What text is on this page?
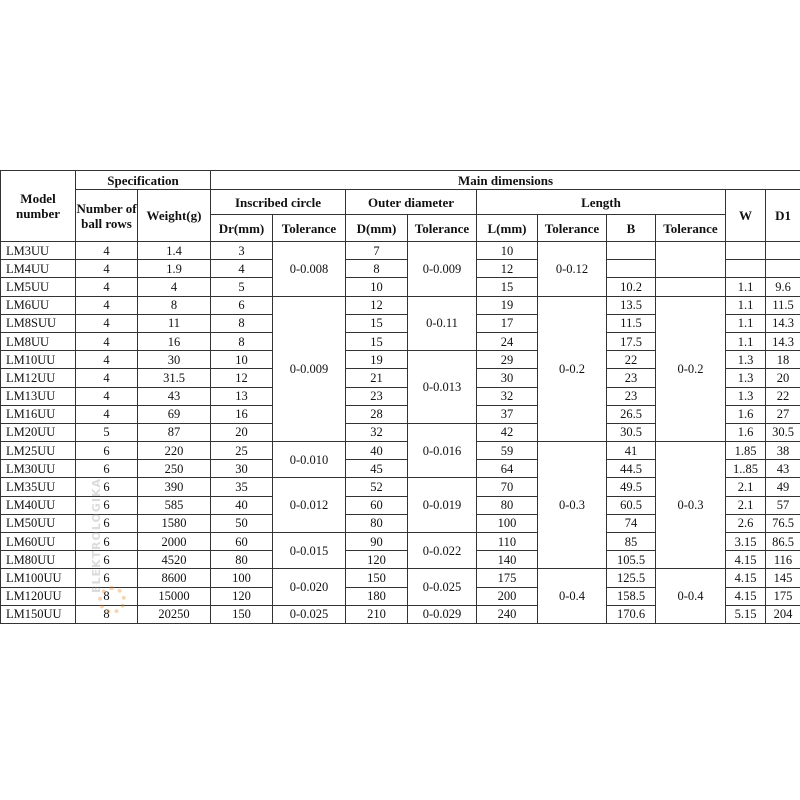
Model number	Specification		Main dimensions									
	Number of ball rows	Weight(g)	Inscribed circle		Outer diameter		Length				W	D1
			Dr(mm)	Tolerance	D(mm)	Tolerance	L(mm)	Tolerance	B	Tolerance		
LM3UU	4	1.4	3	0-0.008	7	0-0.009	10	0-0.12				
LM4UU	4	1.9	4		8		12					
LM5UU	4	4	5		10		15		10.2		1.1	9.6
LM6UU	4	8	6	0-0.009	12	0-0.11	19	0-0.2	13.5	0-0.2	1.1	11.5
LM8SUU	4	11	8		15		17		11.5		1.1	14.3
LM8UU	4	16	8		15		24		17.5		1.1	14.3
LM10UU	4	30	10		19	0-0.013	29		22		1.3	18
LM12UU	4	31.5	12		21		30		23		1.3	20
LM13UU	4	43	13		23		32		23		1.3	22
LM16UU	4	69	16		28		37		26.5		1.6	27
LM20UU	5	87	20		32	0-0.016	42		30.5		1.6	30.5
LM25UU	6	220	25	0-0.010	40		59	0-0.3	41	0-0.3	1.85	38
LM30UU	6	250	30		45		64		44.5		1..85	43
LM35UU	6	390	35	0-0.012	52	0-0.019	70		49.5		2.1	49
LM40UU	6	585	40		60		80		60.5		2.1	57
LM50UU	6	1580	50		80		100		74		2.6	76.5
LM60UU	6	2000	60	0-0.015	90	0-0.022	110		85		3.15	86.5
LM80UU	6	4520	80		120		140		105.5		4.15	116
LM100UU	6	8600	100	0-0.020	150	0-0.025	175	0-0.4	125.5	0-0.4	4.15	145
LM120UU	8	15000	120		180		200		158.5		4.15	175
LM150UU	8	20250	150	0-0.025	210	0-0.029	240		170.6		5.15	204
ELEKTROLOGIKA
